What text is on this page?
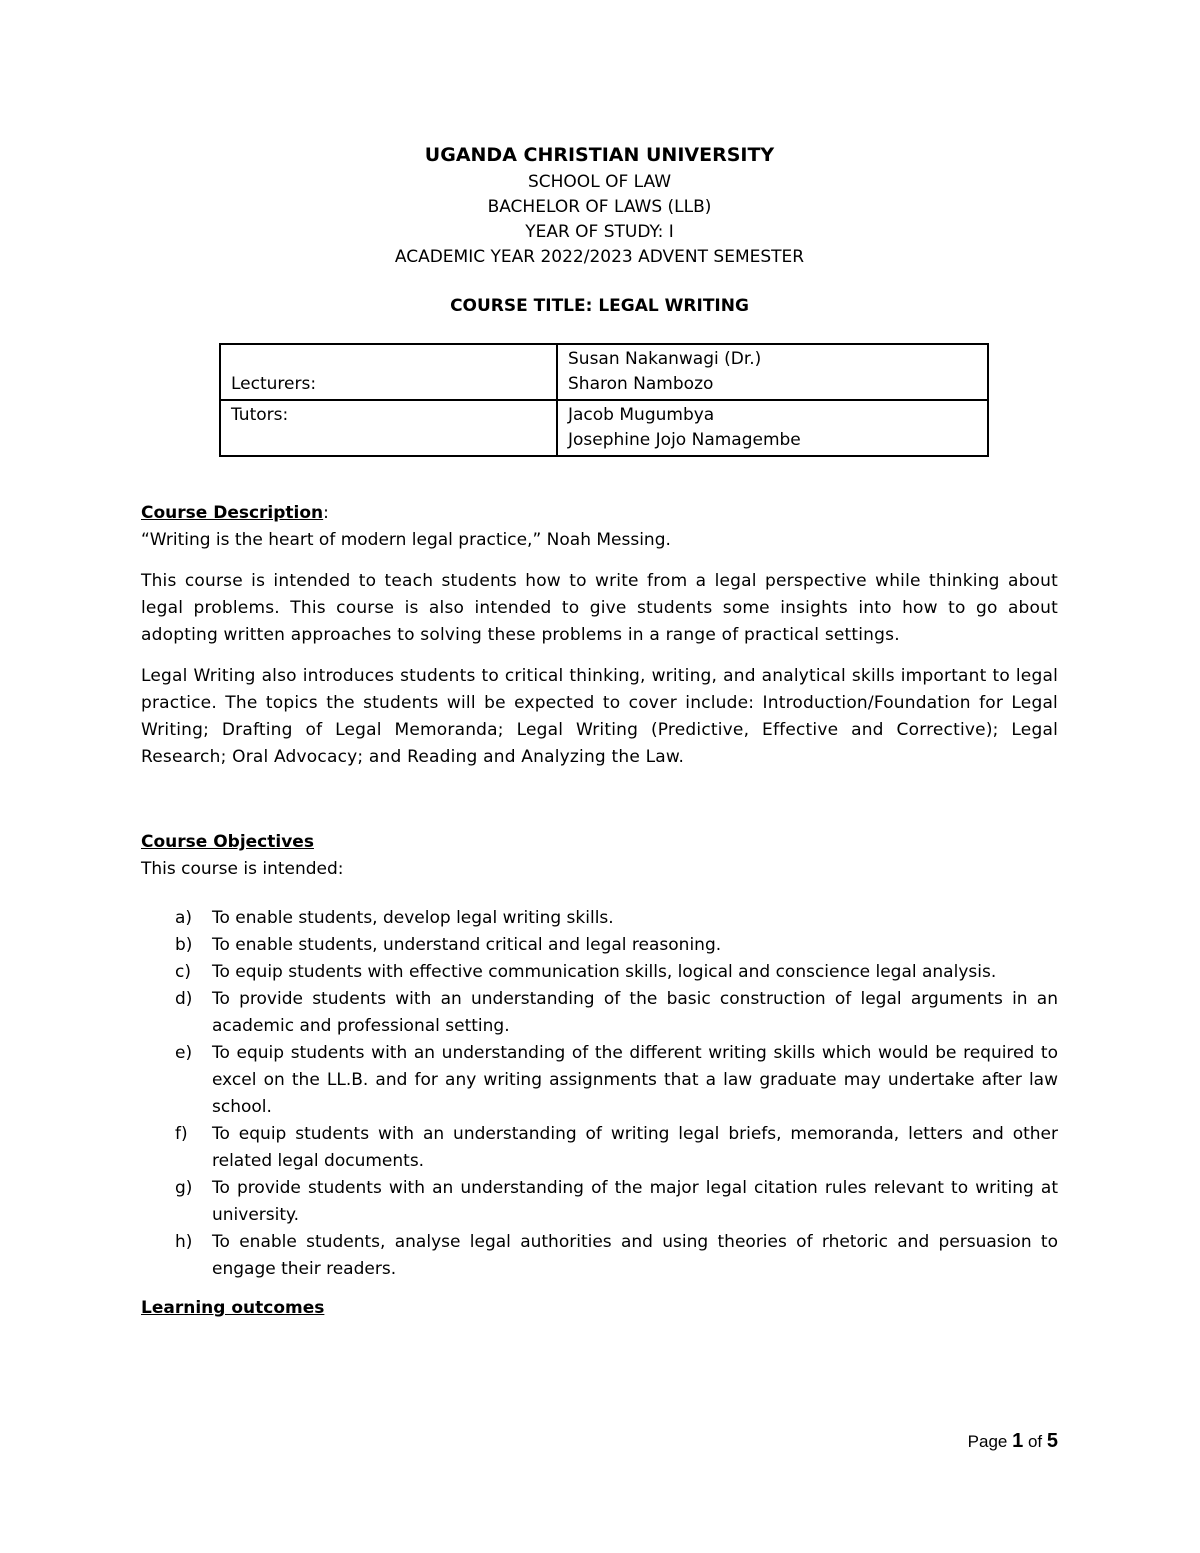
UGANDA CHRISTIAN UNIVERSITY
SCHOOL OF LAW
BACHELOR OF LAWS (LLB)
YEAR OF STUDY: I
ACADEMIC YEAR 2022/2023 ADVENT SEMESTER
COURSE TITLE: LEGAL WRITING
Lecturers:	Susan Nakanwagi (Dr.)
Sharon Nambozo

Tutors:	Jacob Mugumbya
Josephine Jojo Namagembe

Course Description:

“Writing is the heart of modern legal practice,” Noah Messing.

This course is intended to teach students how to write from a legal perspective while thinking about legal problems. This course is also intended to give students some insights into how to go about adopting written approaches to solving these problems in a range of practical settings.

Legal Writing also introduces students to critical thinking, writing, and analytical skills important to legal practice. The topics the students will be expected to cover include: Introduction/Foundation for Legal Writing; Drafting of Legal Memoranda; Legal Writing (Predictive, Effective and Corrective); Legal Research; Oral Advocacy; and Reading and Analyzing the Law.

Course Objectives

This course is intended:

a) To enable students, develop legal writing skills.
b) To enable students, understand critical and legal reasoning.
c) To equip students with effective communication skills, logical and conscience legal analysis.
d) To provide students with an understanding of the basic construction of legal arguments in an academic and professional setting.
e) To equip students with an understanding of the different writing skills which would be required to excel on the LL.B. and for any writing assignments that a law graduate may undertake after law school.
f) To equip students with an understanding of writing legal briefs, memoranda, letters and other related legal documents.
g) To provide students with an understanding of the major legal citation rules relevant to writing at university.
h) To enable students, analyse legal authorities and using theories of rhetoric and persuasion to engage their readers.

Learning outcomes

Page 1 of 5
